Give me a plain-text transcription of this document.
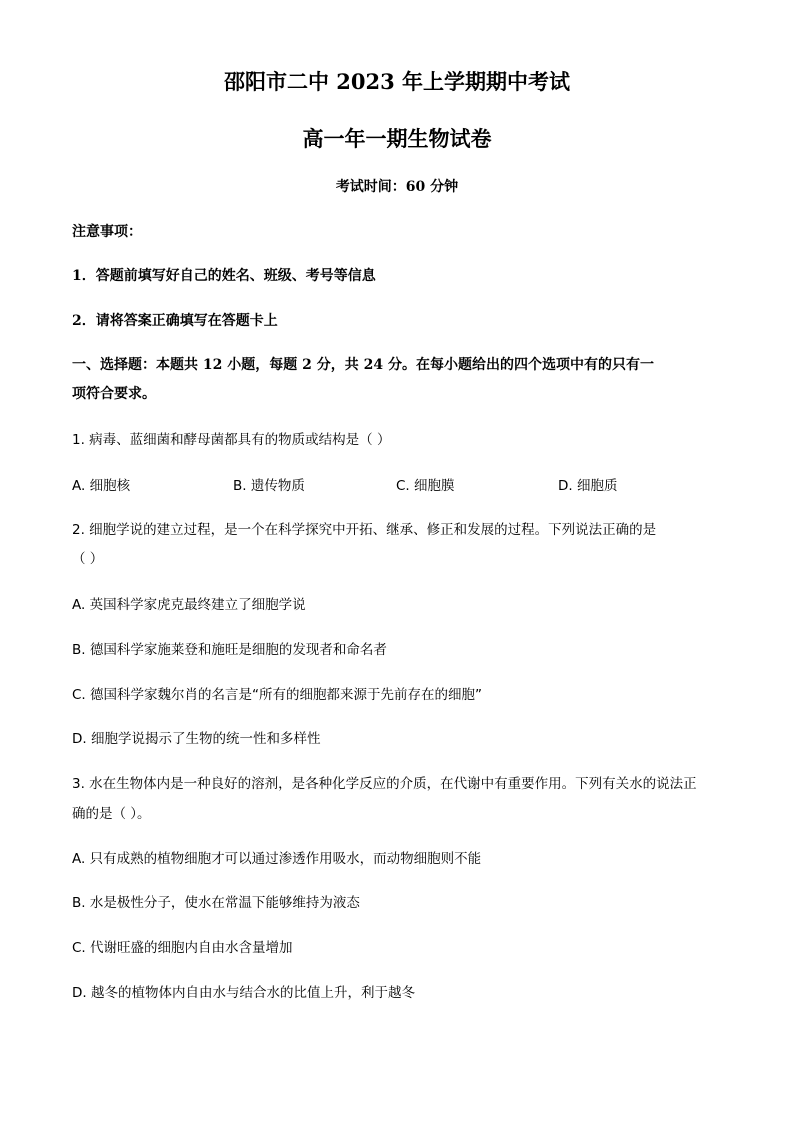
邵阳市二中 2023 年上学期期中考试
高一年一期生物试卷
考试时间：60 分钟
注意事项：
1．答题前填写好自己的姓名、班级、考号等信息
2．请将答案正确填写在答题卡上
一、选择题：本题共 12 小题，每题 2 分，共 24 分。在每小题给出的四个选项中有的只有一
项符合要求。
1. 病毒、蓝细菌和酵母菌都具有的物质或结构是（ ）
A. 细胞核	B. 遗传物质	C. 细胞膜	D. 细胞质
2. 细胞学说的建立过程，是一个在科学探究中开拓、继承、修正和发展的过程。下列说法正确的是
（ ）
A. 英国科学家虎克最终建立了细胞学说
B. 德国科学家施莱登和施旺是细胞的发现者和命名者
C. 德国科学家魏尔肖的名言是“所有的细胞都来源于先前存在的细胞”
D. 细胞学说揭示了生物的统一性和多样性
3. 水在生物体内是一种良好的溶剂，是各种化学反应的介质，在代谢中有重要作用。下列有关水的说法正
确的是（ ）。
A. 只有成熟的植物细胞才可以通过渗透作用吸水，而动物细胞则不能
B. 水是极性分子，使水在常温下能够维持为液态
C. 代谢旺盛的细胞内自由水含量增加
D. 越冬的植物体内自由水与结合水的比值上升，利于越冬
